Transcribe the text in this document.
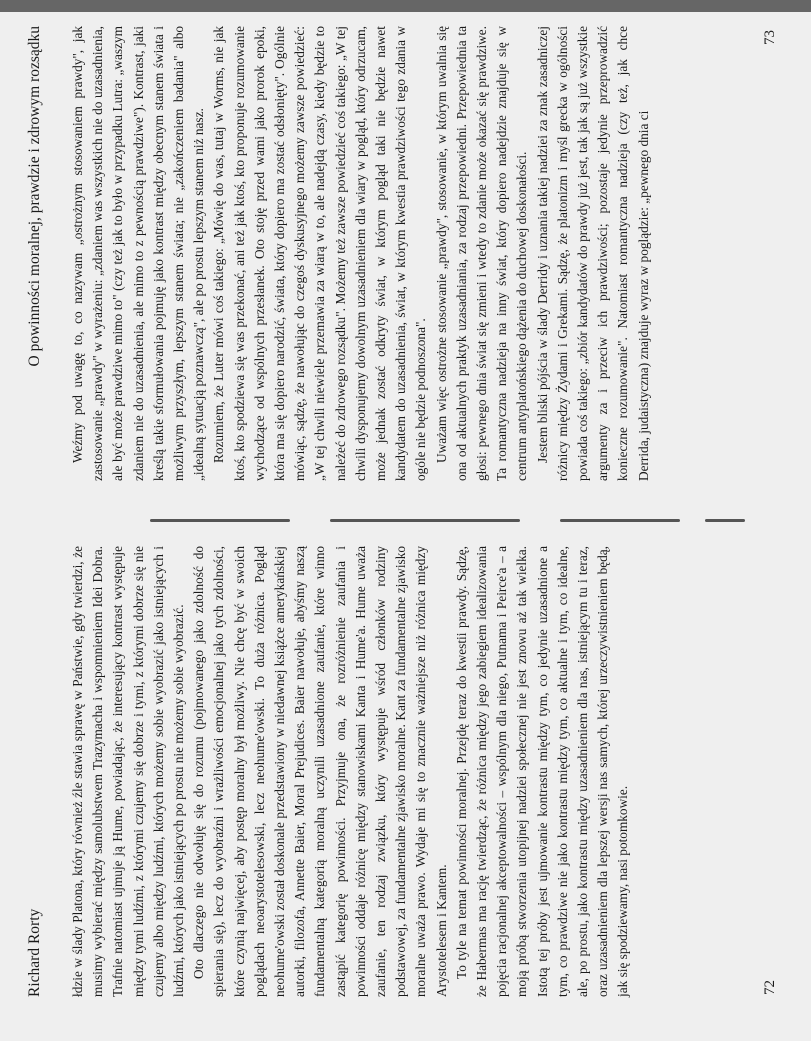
Richard Rorty	łdzie w ślady Platona, który również źle stawia sprawę w Państwie, gdy twierdzi, że musimy wybierać między samolubstwem Trazymacha i wspomnieniem Idei Dobra. Trafnie natomiast ujmuje ją Hume, powiadając, że interesujący kontrast występuje między tymi ludźmi, z którymi czujemy się dobrze i tymi, z którymi dobrze się nie czujemy albo między ludźmi, których możemy sobie wyobrazić jako istniejących i ludźmi, których jako istniejących po prostu nie możemy sobie wyobrazić. Oto dlaczego nie odwołuję się do rozumu (pojmowanego jako zdolność do spierania się), lecz do wyobraźni i wrażliwości emocjonalnej jako tych zdolności, które czynią najwięcej, aby postęp moralny był możliwy. Nie chcę być w swoich poglądach neoarystotelesowski, lecz neohume'owski. To duża różnica. Pogląd neohume'owski został doskonale przedstawiony w niedawnej książce amerykańskiej autorki, filozofa, Annette Baier, Moral Prejudices. Baier nawołuje, abyśmy naszą fundamentalną kategorią moralną uczynili uzasadnione zaufanie, które winno zastąpić kategorię powinności. Przyjmuje ona, że rozróżnienie zaufania i powinności oddaje różnicę między stanowiskami Kanta i Hume'a. Hume uważa zaufanie, ten rodzaj związku, który występuje wśród członków rodziny podstawowej, za fundamentalne zjawisko moralne. Kant za fundamentalne zjawisko moralne uważa prawo. Wydaje mi się to znacznie ważniejsze niż różnica między Arystotelesem i Kantem. To tyle na temat powinności moralnej. Przejdę teraz do kwestii prawdy. Sądzę, że Habermas ma rację twierdząc, że różnica między jego zabiegiem idealizowania pojęcia racjonalnej akceptowalności – wspólnym dla niego, Putnama i Peirce'a – a moją próbą stworzenia utopijnej nadziei społecznej nie jest znowu aż tak wielka. Istotą tej próby jest ujmowanie kontrastu między tym, co jedynie uzasadnione a tym, co prawdziwe nie jako kontrastu między tym, co aktualne i tym, co idealne, ale, po prostu, jako kontrastu między uzasadnieniem dla nas, istniejącym tu i teraz, oraz uzasadnieniem dla lepszej wersji nas samych, której urzeczywistnieniem będą, jak się spodziewamy, nasi potomkowie.	72
O powinności moralnej, prawdzie i zdrowym rozsądku	Weźmy pod uwagę to, co nazywam „ostrożnym stosowaniem prawdy", jak zastosowanie „prawdy" w wyrażeniu: „zdaniem was wszystkich nie do uzasadnienia, ale być może prawdziwe mimo to" (czy też jak to było w przypadku Lutra: „waszym zdaniem nie do uzasadnienia, ale mimo to z pewnością prawdziwe"). Kontrast, jaki kreślą takie sformułowania pojmuję jako kontrast między obecnym stanem świata i możliwym przyszłym, lepszym stanem świata; nie „zakończeniem badania" albo „idealną sytuacją poznawczą", ale po prostu lepszym stanem niż nasz. Rozumiem, że Luter mówi coś takiego: „Mówię do was, tutaj w Worms, nie jak ktoś, kto spodziewa się was przekonać, ani też jak ktoś, kto proponuje rozumowanie wychodzące od wspólnych przesłanek. Oto stoję przed wami jako prorok epoki, która ma się dopiero narodzić, świata, który dopiero ma zostać odsłonięty". Ogólnie mówiąc, sądzę, że nawołując do czegoś dyskusyjnego możemy zawsze powiedzieć: „W tej chwili niewiele przemawia za wiarą w to, ale nadejdą czasy, kiedy będzie to należeć do zdrowego rozsądku". Możemy też zawsze powiedzieć coś takiego: „W tej chwili dysponujemy dowolnym uzasadnieniem dla wiary w pogląd, który odrzucam, może jednak zostać odkryty świat, w którym pogląd taki nie będzie nawet kandydatem do uzasadnienia, świat, w którym kwestia prawdziwości tego zdania w ogóle nie będzie podnoszona". Uważam więc ostrożne stosowanie „prawdy", stosowanie, w którym uwalnia się ona od aktualnych praktyk uzasadniania, za rodzaj przepowiedni. Przepowiednia ta głosi: pewnego dnia świat się zmieni i wtedy to zdanie może okazać się prawdziwe. Ta romantyczna nadzieja na inny świat, który dopiero nadejdzie znajduje się w centrum antyplatońskiego dążenia do duchowej doskonałości. Jestem bliski pójścia w ślady Derridy i uznania takiej nadziei za znak zasadniczej różnicy między Żydami i Grekami. Sądzę, że platonizm i myśl grecka w ogólności powiada coś takiego: „zbiór kandydatów do prawdy już jest, tak jak są już wszystkie argumenty za i przeciw ich prawdziwości; pozostaje jedynie przeprowadzić konieczne rozumowanie". Natomiast romantyczna nadzieja (czy też, jak chce Derrida, judaistyczna) znajduje wyraz w poglądzie: „pewnego dnia ci

73
